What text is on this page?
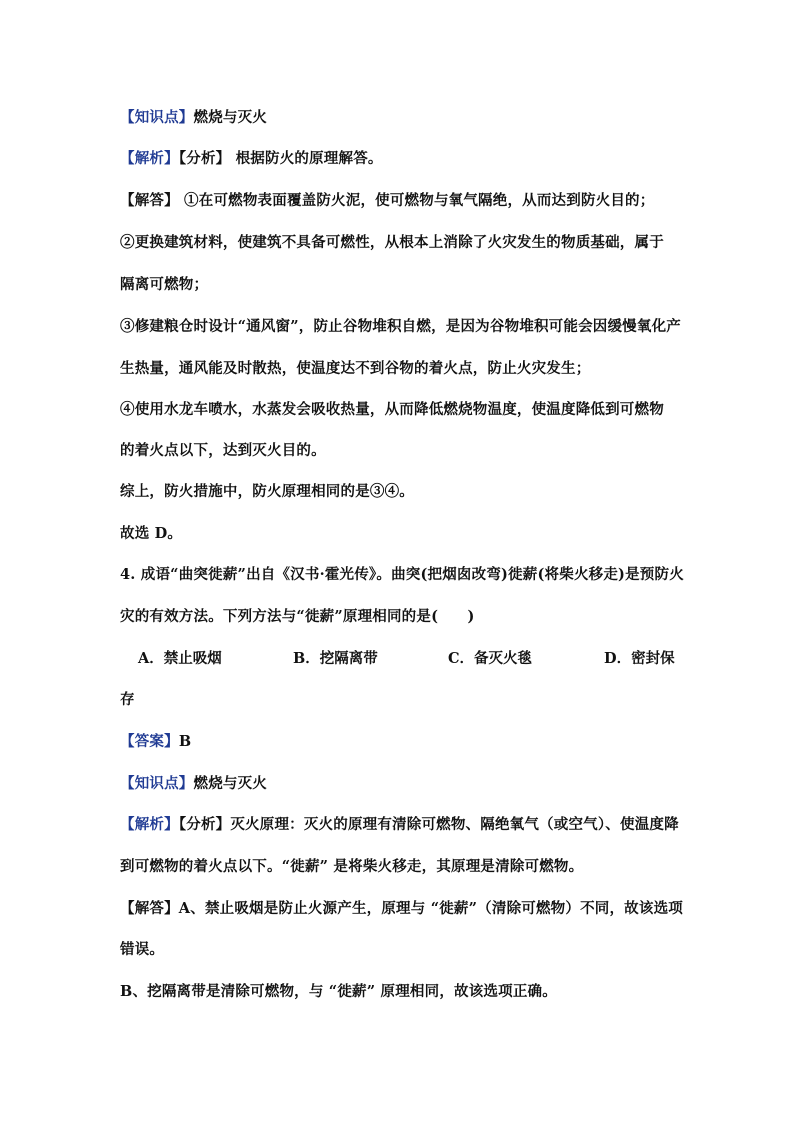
【知识点】燃烧与灭火
【解析】【分析】 根据防火的原理解答。
【解答】 ①在可燃物表面覆盖防火泥，使可燃物与氧气隔绝，从而达到防火目的；
②更换建筑材料，使建筑不具备可燃性，从根本上消除了火灾发生的物质基础，属于
隔离可燃物；
③修建粮仓时设计“通风窗”，防止谷物堆积自燃，是因为谷物堆积可能会因缓慢氧化产
生热量，通风能及时散热，使温度达不到谷物的着火点，防止火灾发生；
④使用水龙车喷水，水蒸发会吸收热量，从而降低燃烧物温度，使温度降低到可燃物
的着火点以下，达到灭火目的。
综上，防火措施中，防火原理相同的是③④。
故选 D。
4. 成语“曲突徙薪”出自《汉书·霍光传》。曲突(把烟囱改弯)徙薪(将柴火移走)是预防火
灾的有效方法。下列方法与“徙薪”原理相同的是(　　)
A．禁止吸烟	B．挖隔离带	C．备灭火毯	D．密封保
存
【答案】B
【知识点】燃烧与灭火
【解析】【分析】灭火原理：灭火的原理有清除可燃物、隔绝氧气（或空气）、使温度降
到可燃物的着火点以下。“徙薪” 是将柴火移走，其原理是清除可燃物。
【解答】A、禁止吸烟是防止火源产生，原理与 “徙薪”（清除可燃物）不同，故该选项
错误。
B、挖隔离带是清除可燃物，与 “徙薪” 原理相同，故该选项正确。
